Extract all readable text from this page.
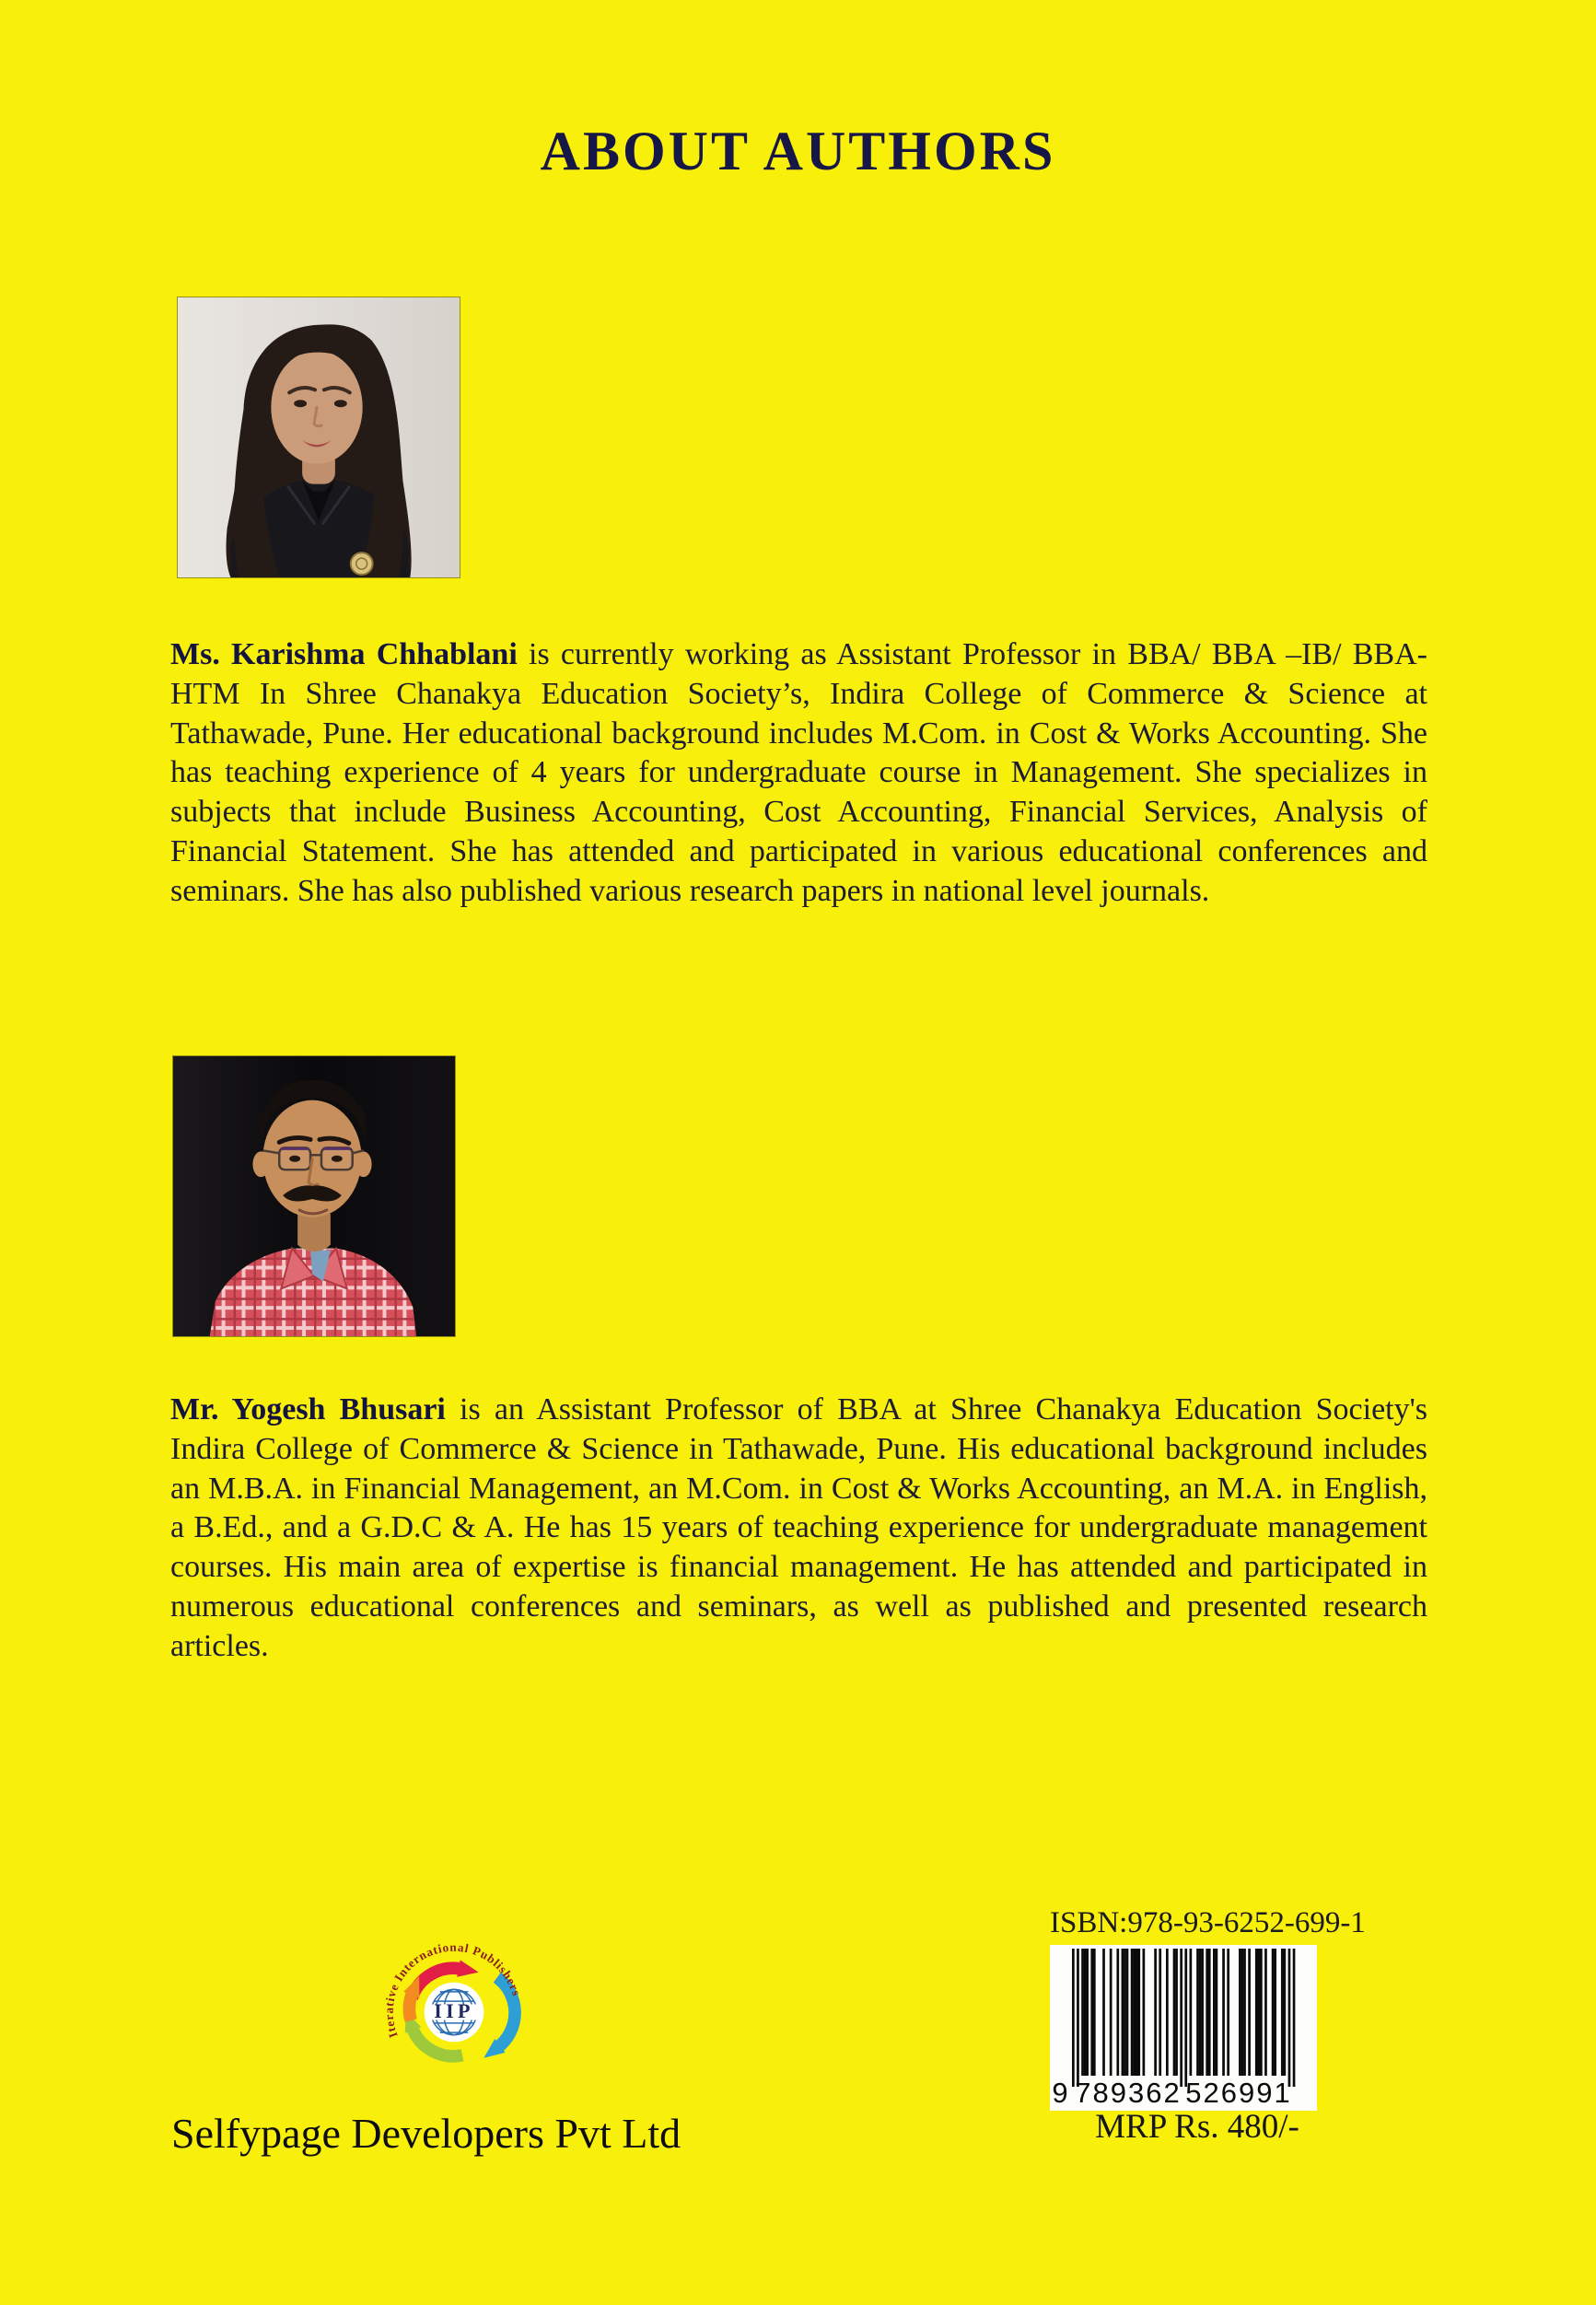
ABOUT AUTHORS

Ms. Karishma Chhablani is currently working as Assistant Professor in BBA/ BBA –IB/ BBA-HTM In Shree Chanakya Education Society’s, Indira College of Commerce & Science at Tathawade, Pune. Her educational background includes M.Com. in Cost & Works Accounting. She has teaching experience of 4 years for undergraduate course in Management. She specializes in subjects that include Business Accounting, Cost Accounting, Financial Services, Analysis of Financial Statement. She has attended and participated in various educational conferences and seminars. She has also published various research papers in national level journals.

Mr. Yogesh Bhusari is an Assistant Professor of BBA at Shree Chanakya Education Society's Indira College of Commerce & Science in Tathawade, Pune. His educational background includes an M.B.A. in Financial Management, an M.Com. in Cost & Works Accounting, an M.A. in English, a B.Ed., and a G.D.C & A. He has 15 years of teaching experience for undergraduate management courses. His main area of expertise is financial management. He has attended and participated in numerous educational conferences and seminars, as well as published and presented research articles.

IIP
Iterative International Publishers
Selfypage Developers Pvt Ltd
ISBN:978-93-6252-699-1
9 789362 526991
MRP Rs. 480/-
